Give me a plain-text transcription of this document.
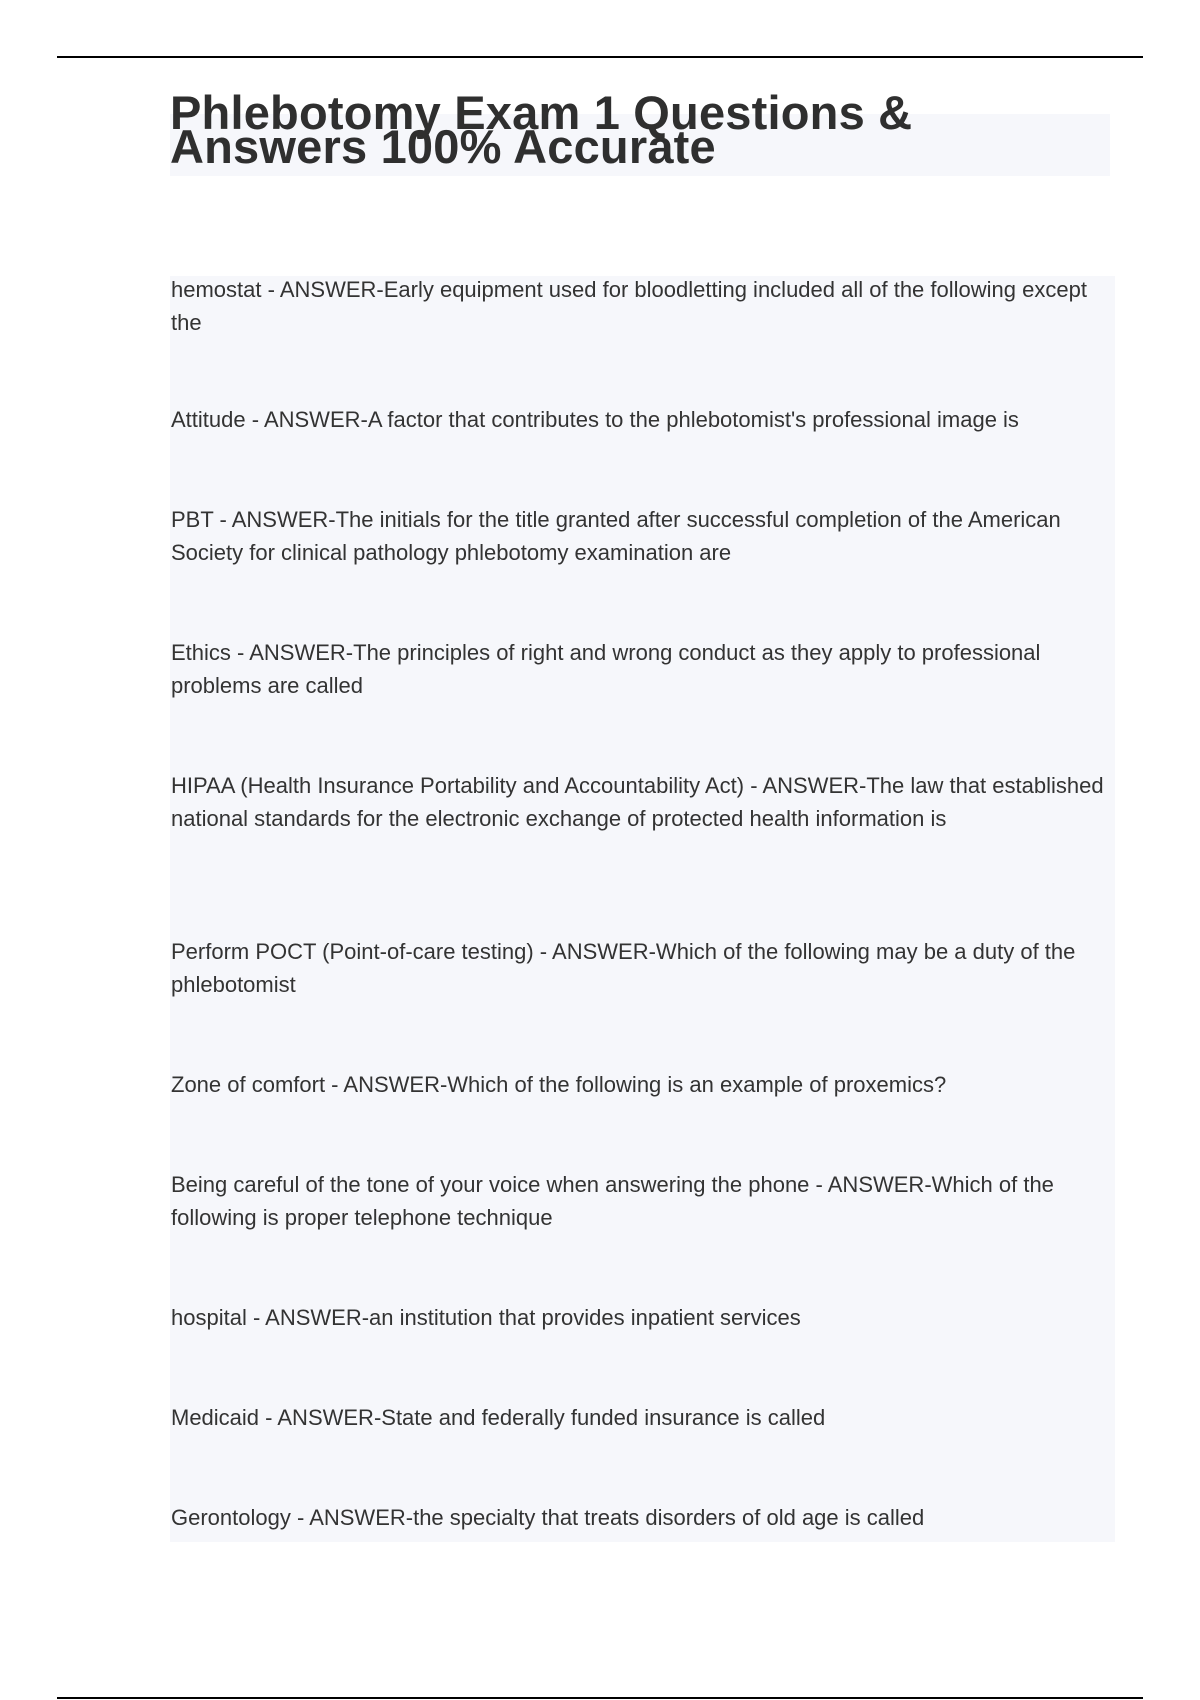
Phlebotomy Exam 1 Questions & Answers 100% Accurate
hemostat - ANSWER-Early equipment used for bloodletting included all of the following except the
Attitude - ANSWER-A factor that contributes to the phlebotomist's professional image is
PBT - ANSWER-The initials for the title granted after successful completion of the American Society for clinical pathology phlebotomy examination are
Ethics - ANSWER-The principles of right and wrong conduct as they apply to professional problems are called
HIPAA (Health Insurance Portability and Accountability Act) - ANSWER-The law that established national standards for the electronic exchange of protected health information is
Perform POCT (Point-of-care testing) - ANSWER-Which of the following may be a duty of the phlebotomist
Zone of comfort - ANSWER-Which of the following is an example of proxemics?
Being careful of the tone of your voice when answering the phone - ANSWER-Which of the following is proper telephone technique
hospital - ANSWER-an institution that provides inpatient services
Medicaid - ANSWER-State and federally funded insurance is called
Gerontology - ANSWER-the specialty that treats disorders of old age is called
